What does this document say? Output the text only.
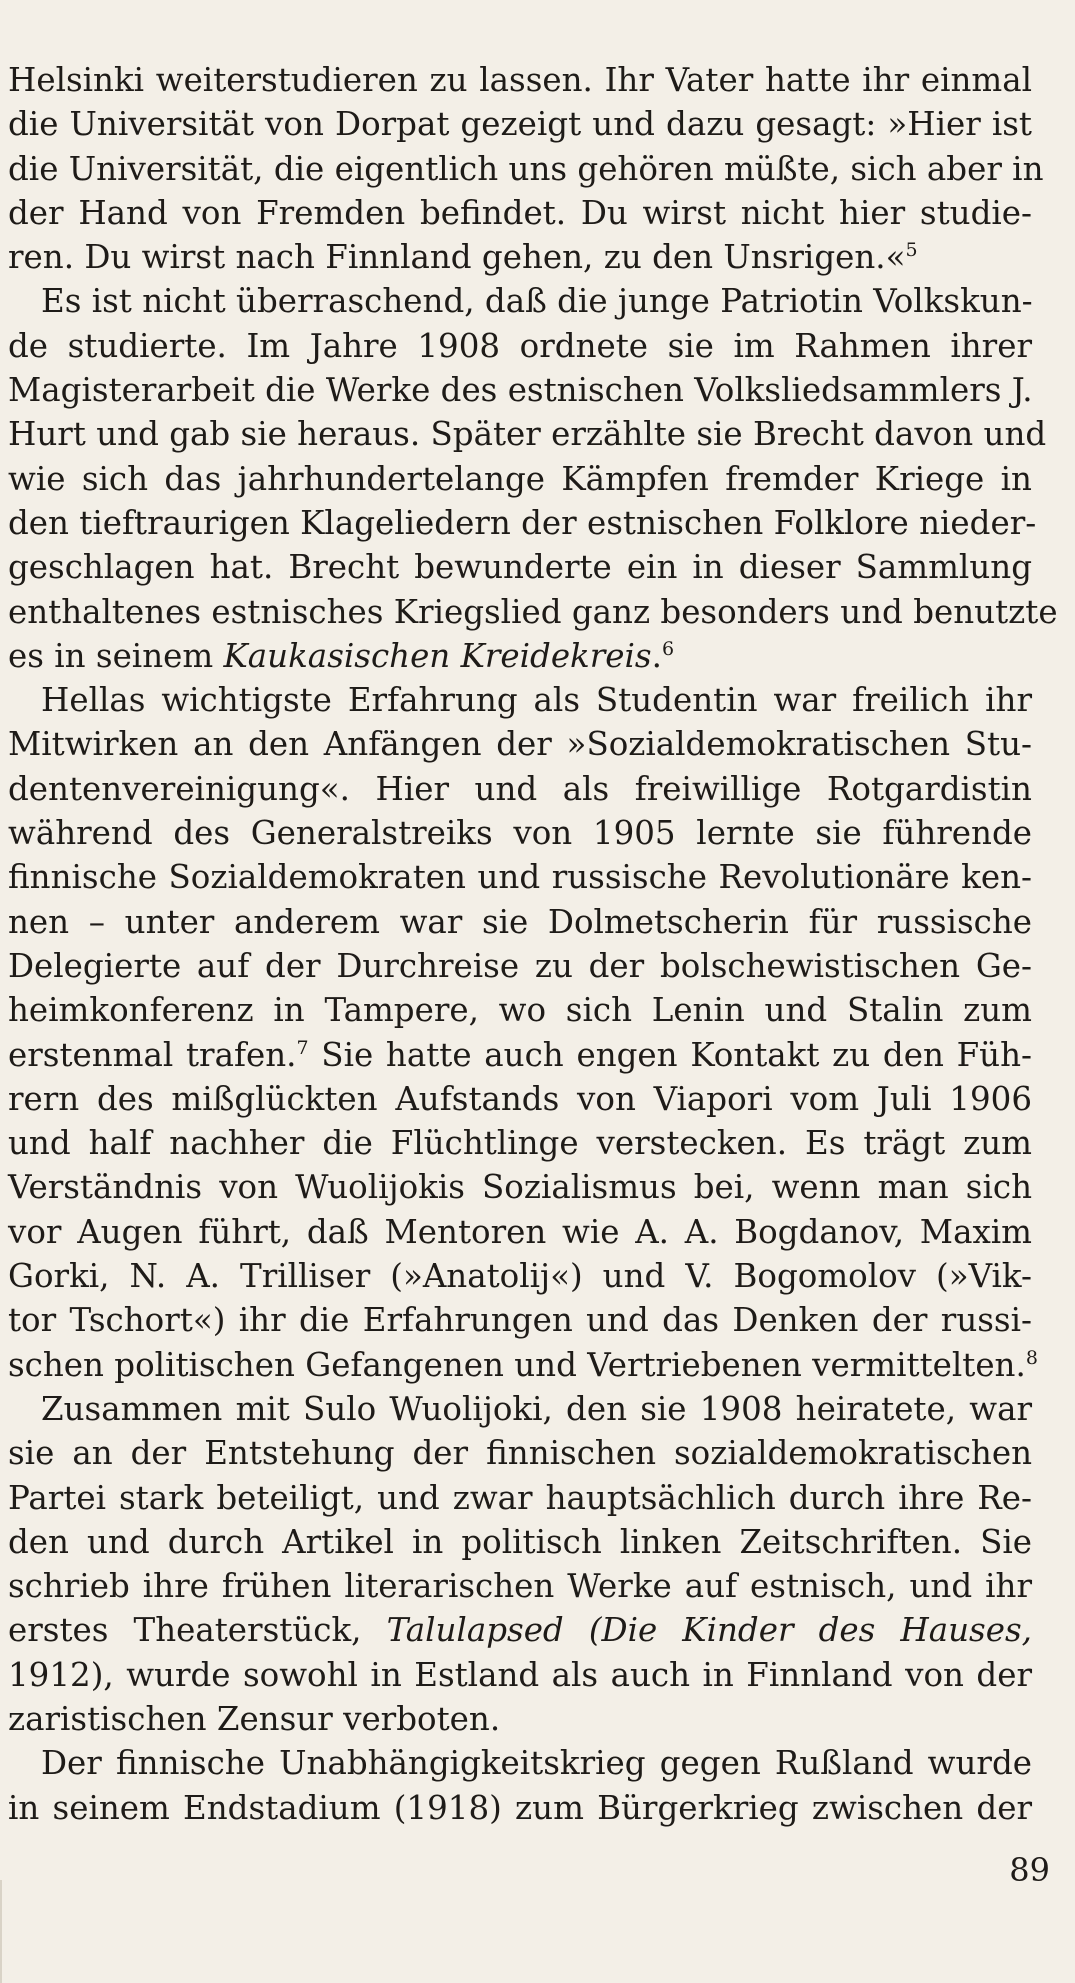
Helsinki weiterstudieren zu lassen. Ihr Vater hatte ihr einmal
die Universität von Dorpat gezeigt und dazu gesagt: »Hier ist
die Universität, die eigentlich uns gehören müßte, sich aber in
der Hand von Fremden befindet. Du wirst nicht hier studie-
ren. Du wirst nach Finnland gehen, zu den Unsrigen.«$^5$
Es ist nicht überraschend, daß die junge Patriotin Volkskun-
de studierte. Im Jahre 1908 ordnete sie im Rahmen ihrer
Magisterarbeit die Werke des estnischen Volksliedsammlers J.
Hurt und gab sie heraus. Später erzählte sie Brecht davon und
wie sich das jahrhundertelange Kämpfen fremder Kriege in
den tieftraurigen Klageliedern der estnischen Folklore nieder-
geschlagen hat. Brecht bewunderte ein in dieser Sammlung
enthaltenes estnisches Kriegslied ganz besonders und benutzte
es in seinem Kaukasischen Kreidekreis.$^6$
Hellas wichtigste Erfahrung als Studentin war freilich ihr
Mitwirken an den Anfängen der »Sozialdemokratischen Stu-
dentenvereinigung«. Hier und als freiwillige Rotgardistin
während des Generalstreiks von 1905 lernte sie führende
finnische Sozialdemokraten und russische Revolutionäre ken-
nen – unter anderem war sie Dolmetscherin für russische
Delegierte auf der Durchreise zu der bolschewistischen Ge-
heimkonferenz in Tampere, wo sich Lenin und Stalin zum
erstenmal trafen.$^7$ Sie hatte auch engen Kontakt zu den Füh-
rern des mißglückten Aufstands von Viapori vom Juli 1906
und half nachher die Flüchtlinge verstecken. Es trägt zum
Verständnis von Wuolijokis Sozialismus bei, wenn man sich
vor Augen führt, daß Mentoren wie A. A. Bogdanov, Maxim
Gorki, N. A. Trilliser (»Anatolij«) und V. Bogomolov (»Vik-
tor Tschort«) ihr die Erfahrungen und das Denken der russi-
schen politischen Gefangenen und Vertriebenen vermittelten.$^8$
Zusammen mit Sulo Wuolijoki, den sie 1908 heiratete, war
sie an der Entstehung der finnischen sozialdemokratischen
Partei stark beteiligt, und zwar hauptsächlich durch ihre Re-
den und durch Artikel in politisch linken Zeitschriften. Sie
schrieb ihre frühen literarischen Werke auf estnisch, und ihr
erstes Theaterstück, Talulapsed (Die Kinder des Hauses,
1912), wurde sowohl in Estland als auch in Finnland von der
zaristischen Zensur verboten.
Der finnische Unabhängigkeitskrieg gegen Rußland wurde
in seinem Endstadium (1918) zum Bürgerkrieg zwischen der
89
